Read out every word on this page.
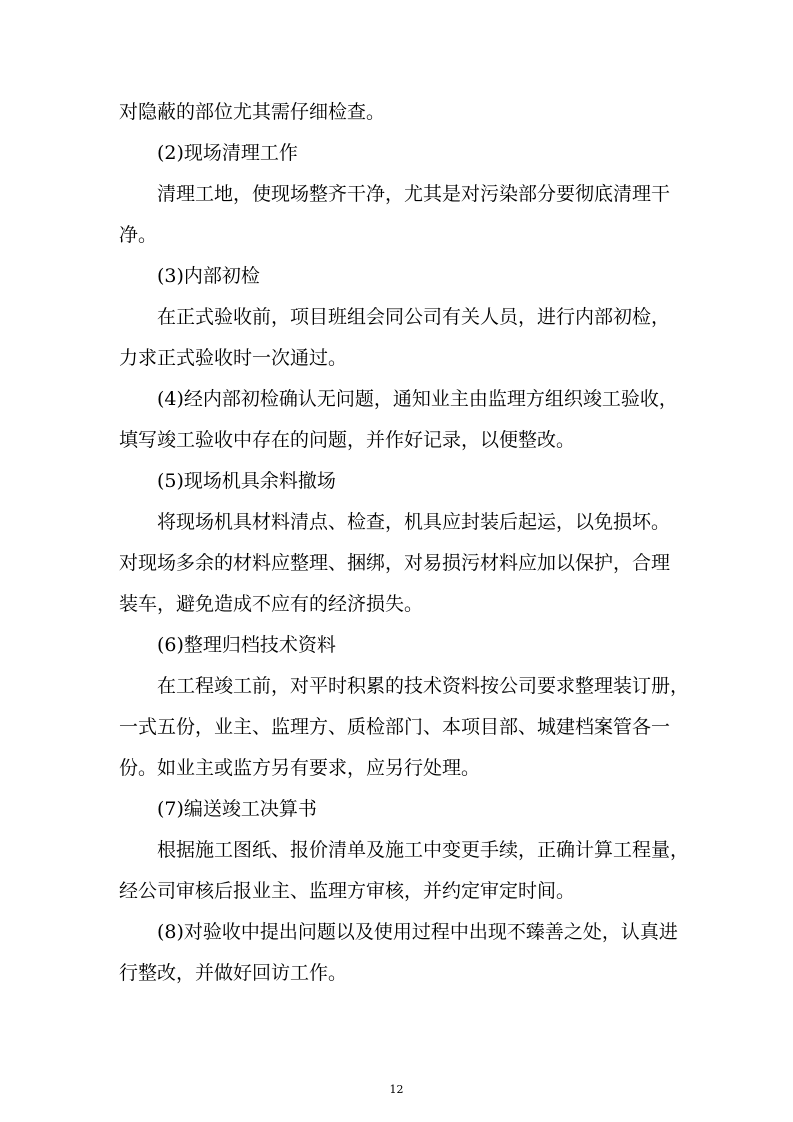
对隐蔽的部位尤其需仔细检查。
(2)现场清理工作
清理工地，使现场整齐干净，尤其是对污染部分要彻底清理干
净。
(3)内部初检
在正式验收前，项目班组会同公司有关人员，进行内部初检，
力求正式验收时一次通过。
(4)经内部初检确认无问题，通知业主由监理方组织竣工验收，
填写竣工验收中存在的问题，并作好记录，以便整改。
(5)现场机具余料撤场
将现场机具材料清点、检查，机具应封装后起运，以免损坏。
对现场多余的材料应整理、捆绑，对易损污材料应加以保护，合理
装车，避免造成不应有的经济损失。
(6)整理归档技术资料
在工程竣工前，对平时积累的技术资料按公司要求整理装订册，
一式五份，业主、监理方、质检部门、本项目部、城建档案管各一
份。如业主或监方另有要求，应另行处理。
(7)编送竣工决算书
根据施工图纸、报价清单及施工中变更手续，正确计算工程量，
经公司审核后报业主、监理方审核，并约定审定时间。
(8)对验收中提出问题以及使用过程中出现不臻善之处，认真进
行整改，并做好回访工作。
12
